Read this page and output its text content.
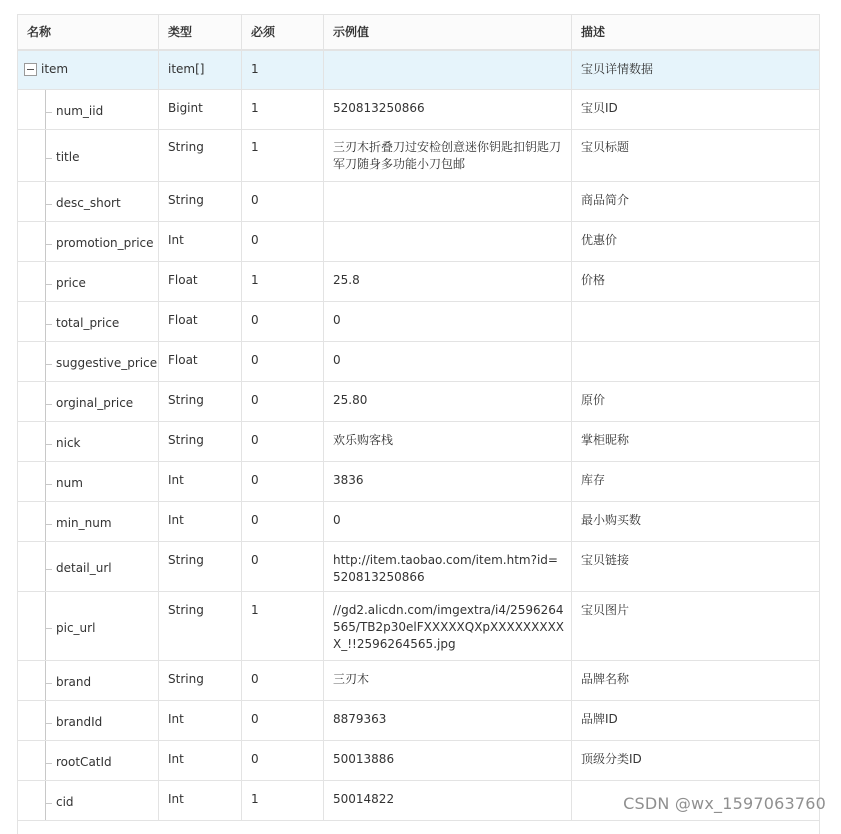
名称	类型	必须	示例值	描述

item	item[]	1		宝贝详情数据

num_iid	Bigint	1	520813250866	宝贝ID

title	String	1	三刃木折叠刀过安检创意迷你钥匙扣钥匙刀军刀随身多功能小刀包邮	宝贝标题

desc_short	String	0		商品简介

promotion_price	Int	0		优惠价

price	Float	1	25.8	价格

total_price	Float	0	0	

suggestive_price	Float	0	0	

orginal_price	String	0	25.80	原价

nick	String	0	欢乐购客栈	掌柜昵称

num	Int	0	3836	库存

min_num	Int	0	0	最小购买数

detail_url	String	0	http://item.taobao.com/item.htm?id=520813250866	宝贝链接

pic_url	String	1	//gd2.alicdn.com/imgextra/i4/2596264565/TB2p30elFXXXXXQXpXXXXXXXXXX_!!2596264565.jpg	宝贝图片

brand	String	0	三刃木	品牌名称

brandId	Int	0	8879363	品牌ID

rootCatId	Int	0	50013886	顶级分类ID

cid	Int	1	50014822		CSDN @wx_1597063760
